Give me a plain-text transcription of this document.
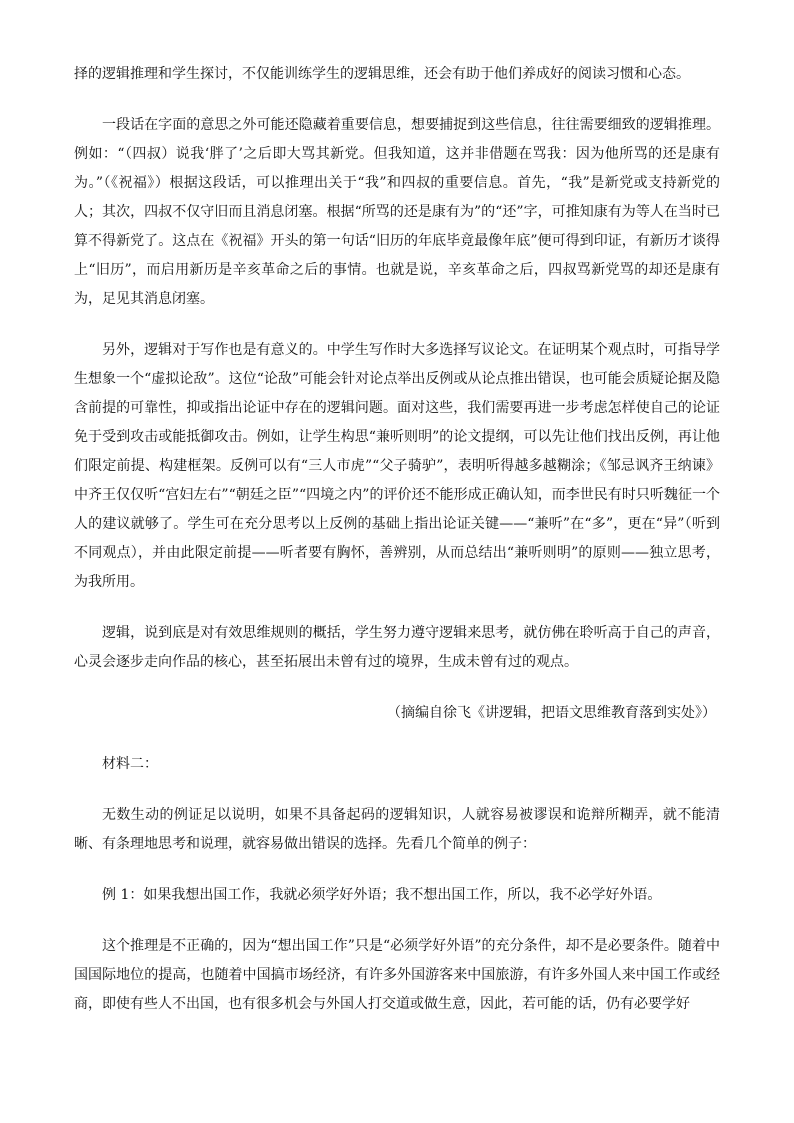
择的逻辑推理和学生探讨，不仅能训练学生的逻辑思维，还会有助于他们养成好的阅读习惯和心态。

一段话在字面的意思之外可能还隐藏着重要信息，想要捕捉到这些信息，往往需要细致的逻辑推理。例如：“（四叔）说我‘胖了’之后即大骂其新党。但我知道，这并非借题在骂我：因为他所骂的还是康有为。”（《祝福》）根据这段话，可以推理出关于“我”和四叔的重要信息。首先，“我”是新党或支持新党的人；其次，四叔不仅守旧而且消息闭塞。根据“所骂的还是康有为”的“还”字，可推知康有为等人在当时已算不得新党了。这点在《祝福》开头的第一句话“旧历的年底毕竟最像年底”便可得到印证，有新历才谈得上“旧历”，而启用新历是辛亥革命之后的事情。也就是说，辛亥革命之后，四叔骂新党骂的却还是康有为，足见其消息闭塞。

另外，逻辑对于写作也是有意义的。中学生写作时大多选择写议论文。在证明某个观点时，可指导学生想象一个“虚拟论敌”。这位“论敌”可能会针对论点举出反例或从论点推出错误，也可能会质疑论据及隐含前提的可靠性，抑或指出论证中存在的逻辑问题。面对这些，我们需要再进一步考虑怎样使自己的论证免于受到攻击或能抵御攻击。例如，让学生构思“兼听则明”的论文提纲，可以先让他们找出反例，再让他们限定前提、构建框架。反例可以有“三人市虎”“父子骑驴”，表明听得越多越糊涂；《邹忌讽齐王纳谏》中齐王仅仅听“宫妇左右”“朝廷之臣”“四境之内”的评价还不能形成正确认知，而李世民有时只听魏征一个人的建议就够了。学生可在充分思考以上反例的基础上指出论证关键——“兼听”在“多”，更在“异”（听到不同观点），并由此限定前提——听者要有胸怀，善辨别，从而总结出“兼听则明”的原则——独立思考，为我所用。

逻辑，说到底是对有效思维规则的概括，学生努力遵守逻辑来思考，就仿佛在聆听高于自己的声音，心灵会逐步走向作品的核心，甚至拓展出未曾有过的境界，生成未曾有过的观点。

（摘编自徐飞《讲逻辑，把语文思维教育落到实处》）

材料二：

无数生动的例证足以说明，如果不具备起码的逻辑知识，人就容易被谬误和诡辩所糊弄，就不能清晰、有条理地思考和说理，就容易做出错误的选择。先看几个简单的例子：

例 1：如果我想出国工作，我就必须学好外语；我不想出国工作，所以，我不必学好外语。

这个推理是不正确的，因为“想出国工作”只是“必须学好外语”的充分条件，却不是必要条件。随着中国国际地位的提高，也随着中国搞市场经济，有许多外国游客来中国旅游，有许多外国人来中国工作或经商，即使有些人不出国，也有很多机会与外国人打交道或做生意，因此，若可能的话，仍有必要学好
